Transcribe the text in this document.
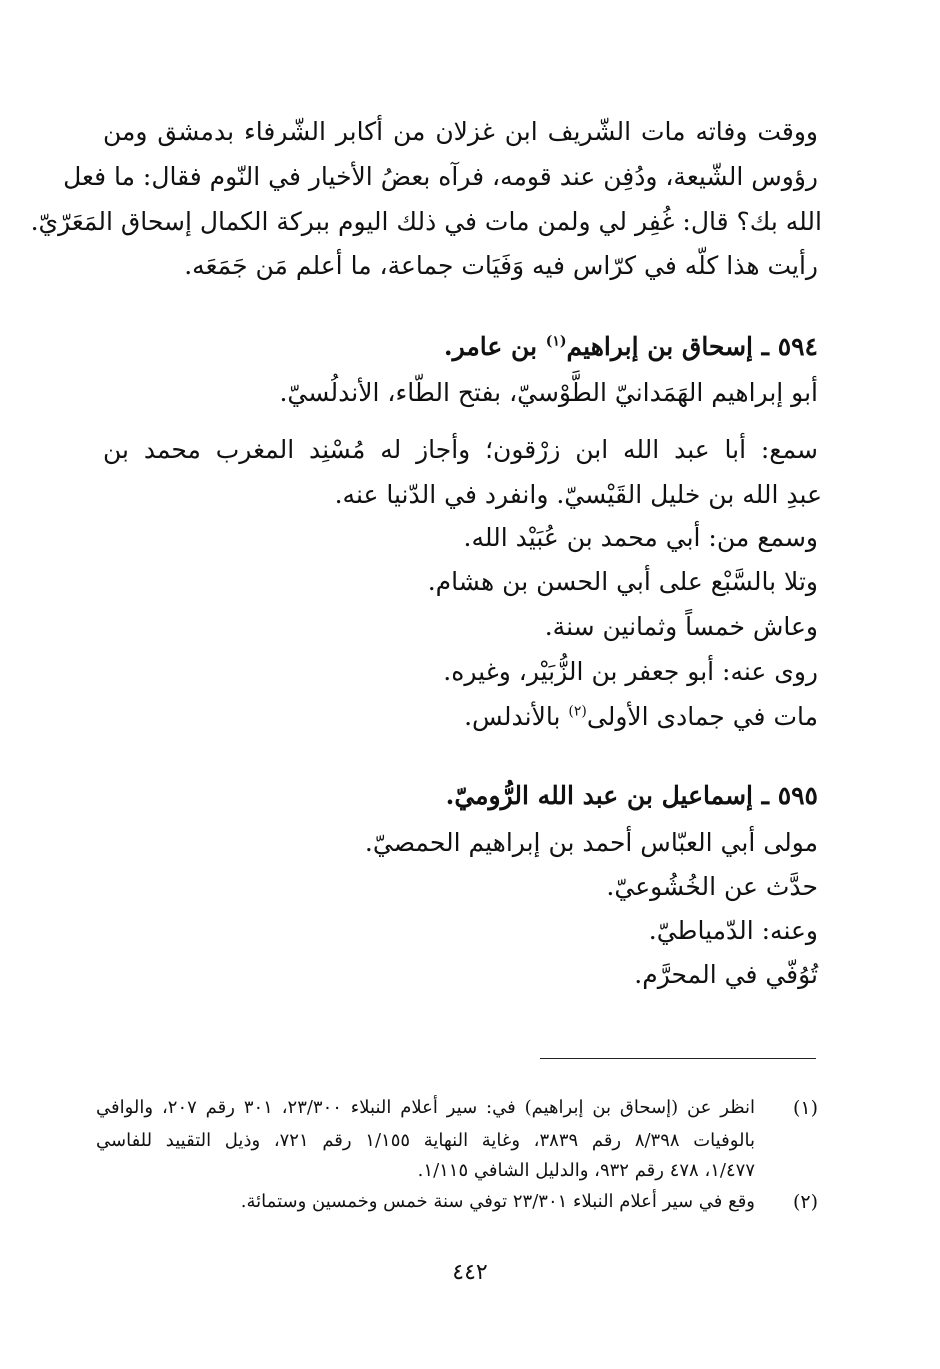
ووقت وفاته مات الشّريف ابن غزلان من أكابر الشّرفاء بدمشق ومن
رؤوس الشّيعة، ودُفِن عند قومه، فرآه بعضُ الأخيار في النّوم فقال: ما فعل
الله بك؟ قال: غُفِر لي ولمن مات في ذلك اليوم ببركة الكمال إسحاق المَعَرّيّ.
رأيت هذا كلّه في كرّاس فيه وَفَيَات جماعة، ما أعلم مَن جَمَعَه.
٥٩٤ ـ إسحاق بن إبراهيم$^{(١)}$ بن عامر.
أبو إبراهيم الهَمَدانيّ الطَّوْسيّ، بفتح الطّاء، الأندلُسيّ.
سمع: أبا عبد الله ابن زرْقون؛ وأجاز له مُسْنِد المغرب محمد بن
عبدِ الله بن خليل القَيْسيّ. وانفرد في الدّنيا عنه.
وسمع من: أبي محمد بن عُبَيْد الله.
وتلا بالسَّبْع على أبي الحسن بن هشام.
وعاش خمساً وثمانين سنة.
روى عنه: أبو جعفر بن الزُّبَيْر، وغيره.
مات في جمادى الأولى$^{(٢)}$ بالأندلس.
٥٩٥ ـ إسماعيل بن عبد الله الرُّوميّ.
مولى أبي العبّاس أحمد بن إبراهيم الحمصيّ.
حدَّث عن الخُشُوعيّ.
وعنه: الدّمياطيّ.
تُوُفّي في المحرَّم.
(١)
انظر عن (إسحاق بن إبراهيم) في: سير أعلام النبلاء ٢٣/٣٠٠، ٣٠١ رقم ٢٠٧، والوافي
بالوفيات ٨/٣٩٨ رقم ٣٨٣٩، وغاية النهاية ١/١٥٥ رقم ٧٢١، وذيل التقييد للفاسي
١/٤٧٧، ٤٧٨ رقم ٩٣٢، والدليل الشافي ١/١١٥.
(٢)
وقع في سير أعلام النبلاء ٢٣/٣٠١ توفي سنة خمس وخمسين وستمائة.
٤٤٢
